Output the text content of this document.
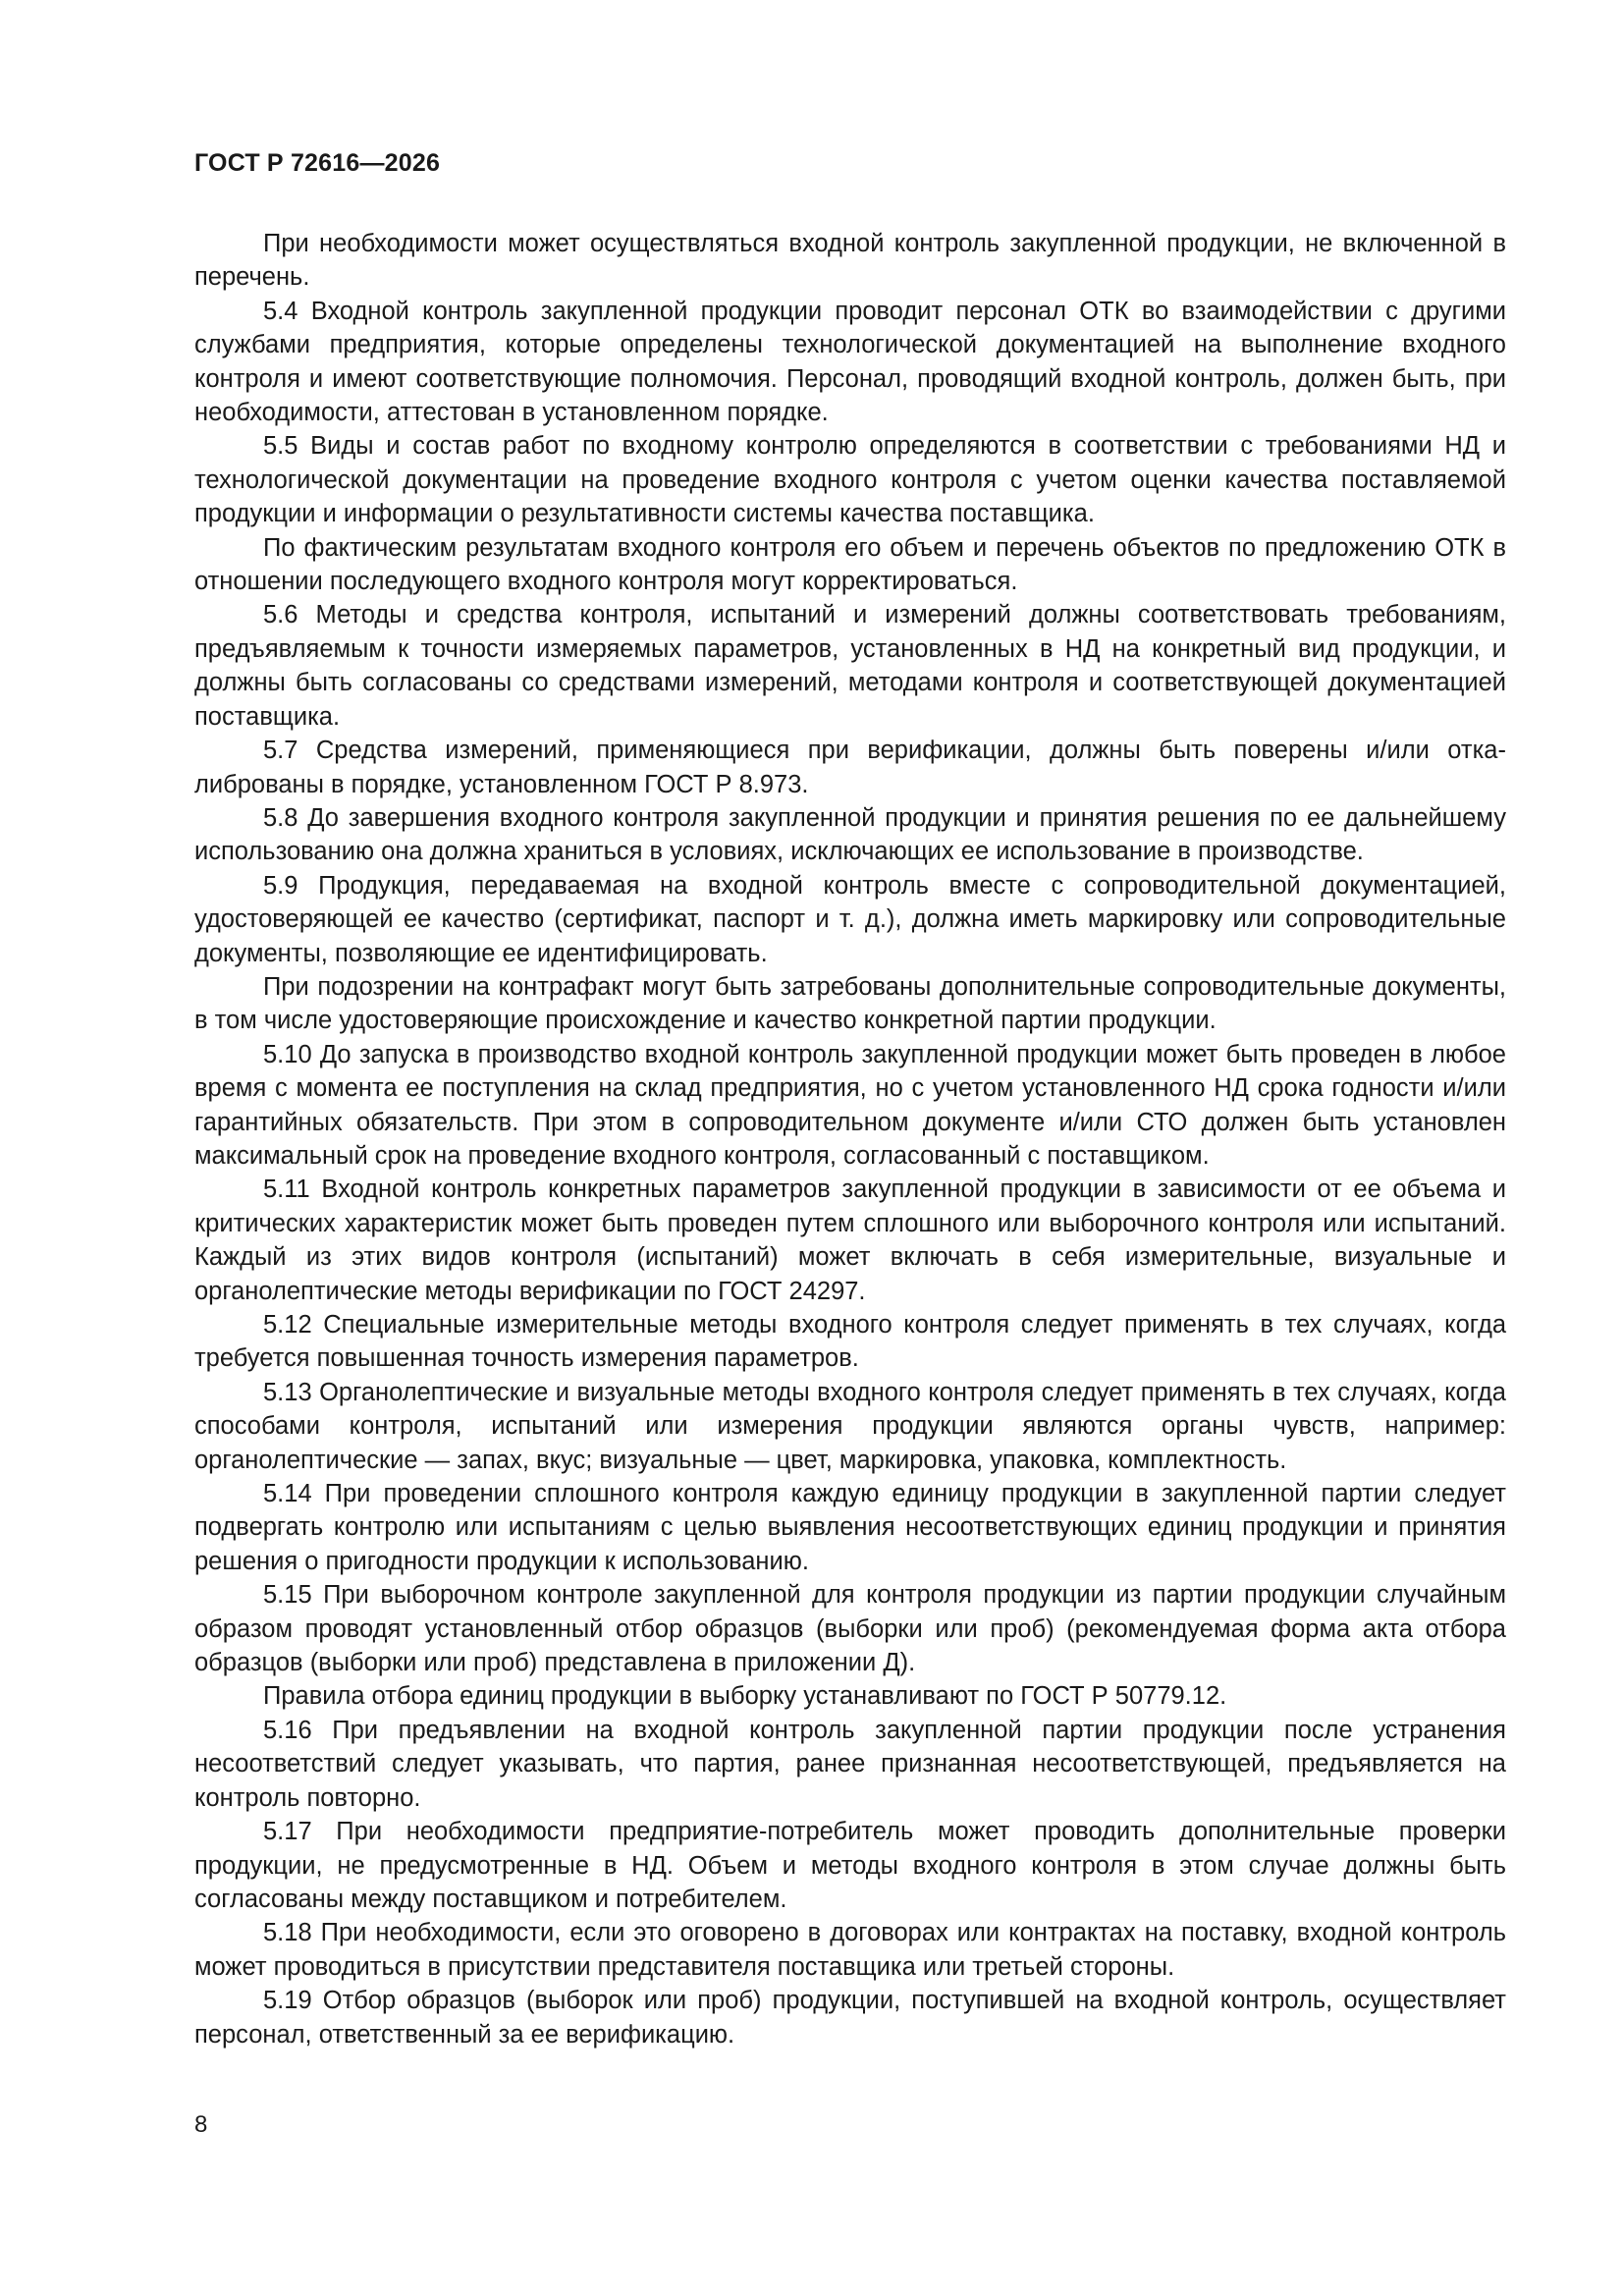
ГОСТ Р 72616—2026

При необходимости может осуществляться входной контроль закупленной продукции, не включенной в перечень.

5.4 Входной контроль закупленной продукции проводит персонал ОТК во взаимодействии с другими службами предприятия, которые определены технологической документацией на выполнение входного контроля и имеют соответствующие полномочия. Персонал, проводящий входной контроль, должен быть, при необходимости, аттестован в установленном порядке.

5.5 Виды и состав работ по входному контролю определяются в соответствии с требованиями НД и технологической документации на проведение входного контроля с учетом оценки качества поставляемой продукции и информации о результативности системы качества поставщика.

По фактическим результатам входного контроля его объем и перечень объектов по предложению ОТК в отношении последующего входного контроля могут корректироваться.

5.6 Методы и средства контроля, испытаний и измерений должны соответствовать требованиям, предъявляемым к точности измеряемых параметров, установленных в НД на конкретный вид продукции, и должны быть согласованы со средствами измерений, методами контроля и соответствующей документацией поставщика.

5.7 Средства измерений, применяющиеся при верификации, должны быть поверены и/или откалиброваны в порядке, установленном ГОСТ Р 8.973.

5.8 До завершения входного контроля закупленной продукции и принятия решения по ее дальнейшему использованию она должна храниться в условиях, исключающих ее использование в производстве.

5.9 Продукция, передаваемая на входной контроль вместе с сопроводительной документацией, удостоверяющей ее качество (сертификат, паспорт и т. д.), должна иметь маркировку или сопроводительные документы, позволяющие ее идентифицировать.

При подозрении на контрафакт могут быть затребованы дополнительные сопроводительные документы, в том числе удостоверяющие происхождение и качество конкретной партии продукции.

5.10 До запуска в производство входной контроль закупленной продукции может быть проведен в любое время с момента ее поступления на склад предприятия, но с учетом установленного НД срока годности и/или гарантийных обязательств. При этом в сопроводительном документе и/или СТО должен быть установлен максимальный срок на проведение входного контроля, согласованный с поставщиком.

5.11 Входной контроль конкретных параметров закупленной продукции в зависимости от ее объема и критических характеристик может быть проведен путем сплошного или выборочного контроля или испытаний. Каждый из этих видов контроля (испытаний) может включать в себя измерительные, визуальные и органолептические методы верификации по ГОСТ 24297.

5.12 Специальные измерительные методы входного контроля следует применять в тех случаях, когда требуется повышенная точность измерения параметров.

5.13 Органолептические и визуальные методы входного контроля следует применять в тех случаях, когда способами контроля, испытаний или измерения продукции являются органы чувств, например: органолептические — запах, вкус; визуальные — цвет, маркировка, упаковка, комплектность.

5.14 При проведении сплошного контроля каждую единицу продукции в закупленной партии следует подвергать контролю или испытаниям с целью выявления несоответствующих единиц продукции и принятия решения о пригодности продукции к использованию.

5.15 При выборочном контроле закупленной для контроля продукции из партии продукции случайным образом проводят установленный отбор образцов (выборки или проб) (рекомендуемая форма акта отбора образцов (выборки или проб) представлена в приложении Д).

Правила отбора единиц продукции в выборку устанавливают по ГОСТ Р 50779.12.

5.16 При предъявлении на входной контроль закупленной партии продукции после устранения несоответствий следует указывать, что партия, ранее признанная несоответствующей, предъявляется на контроль повторно.

5.17 При необходимости предприятие-потребитель может проводить дополнительные проверки продукции, не предусмотренные в НД. Объем и методы входного контроля в этом случае должны быть согласованы между поставщиком и потребителем.

5.18 При необходимости, если это оговорено в договорах или контрактах на поставку, входной контроль может проводиться в присутствии представителя поставщика или третьей стороны.

5.19 Отбор образцов (выборок или проб) продукции, поступившей на входной контроль, осуществляет персонал, ответственный за ее верификацию.

8
